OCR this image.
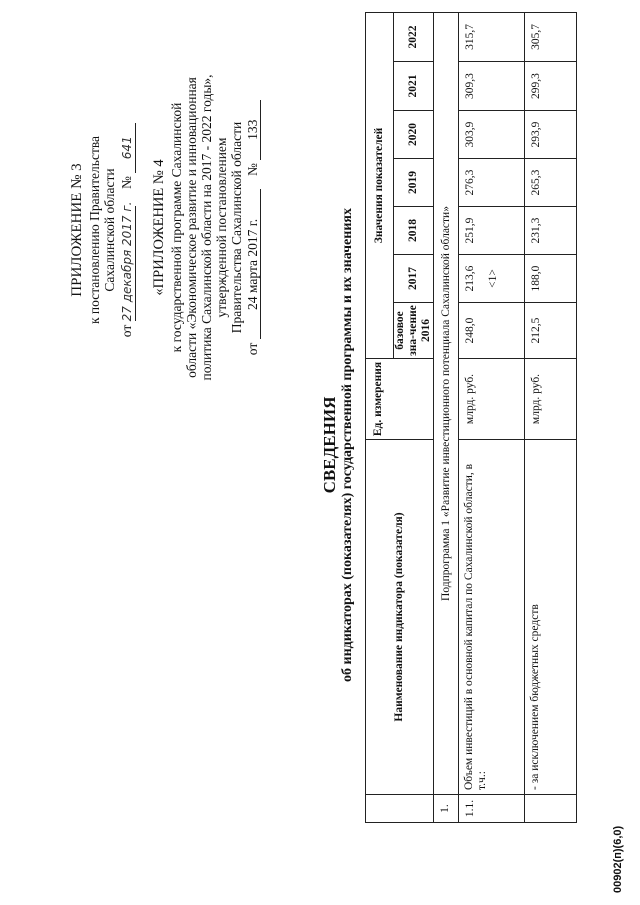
ПРИЛОЖЕНИЕ № 3 к постановлению Правительства Сахалинской области
от 27 декабря 2017 г. № 641
«ПРИЛОЖЕНИЕ № 4 к государственной программе Сахалинской области «Экономическое развитие и инновационная политика Сахалинской области на 2017 - 2022 годы», утвержденной постановлением Правительства Сахалинской области
от 24 марта 2017 г. № 133
СВЕДЕНИЯ об индикаторах (показателях) государственной программы и их значениях
		Наименование индикатора (показателя)	Ед. измерения	Значения показателей						
			базовое зна-чение 2016	2017	2018	2019	2020	2021	2022
1.	Подпрограмма 1 «Развитие инвестиционного потенциала Сахалинской области»								
1.1.	Объем инвестиций в основной капитал по Сахалинской области, в т.ч.:	млрд. руб.	248,0	213,6 <1>	251,9	276,3	303,9	309,3	315,7
	- за исключением бюджетных средств	млрд. руб.	212,5	188,0	231,3	265,3	293,9	299,3	305,7
00902(п)(6,0)
